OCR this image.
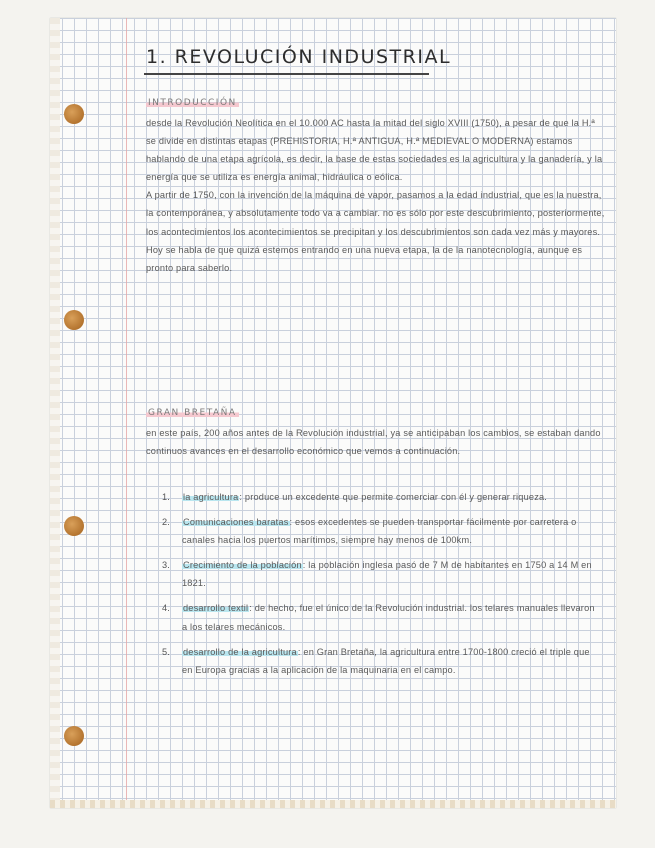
1. REVOLUCIÓN INDUSTRIAL
INTRODUCCIÓN

desde la Revolución Neolítica en el 10.000 AC hasta la mitad del siglo XVIII (1750), a pesar de que la H.ª se divide en distintas etapas (PREHISTORIA, H.ª ANTIGUA, H.ª MEDIEVAL O MODERNA) estamos hablando de una etapa agrícola, es decir, la base de estas sociedades es la agricultura y la ganadería, y la energía que se utiliza es energía animal, hidráulica o eólica.

A partir de 1750, con la invención de la máquina de vapor, pasamos a la edad industrial, que es la nuestra, la contemporánea, y absolutamente todo va a cambiar. no es sólo por este descubrimiento, posteriormente, los acontecimientos los acontecimientos se precipitan y los descubrimientos son cada vez más y mayores.

Hoy se habla de que quizá estemos entrando en una nueva etapa, la de la nanotecnología, aunque es pronto para saberlo.

GRAN BRETAÑA

en este país, 200 años antes de la Revolución industrial, ya se anticipaban los cambios, se estaban dando continuos avances en el desarrollo económico que vemos a continuación.

1. la agricultura: produce un excedente que permite comerciar con él y generar riqueza.
2. Comunicaciones baratas: esos excedentes se pueden transportar fácilmente por carretera o canales hacia los puertos marítimos, siempre hay menos de 100km.
3. Crecimiento de la población: la población inglesa pasó de 7 M de habitantes en 1750 a 14 M en 1821.
4. desarrollo textil: de hecho, fue el único de la Revolución industrial. los telares manuales llevaron a los telares mecánicos.
5. desarrollo de la agricultura: en Gran Bretaña, la agricultura entre 1700-1800 creció el triple que en Europa gracias a la aplicación de la maquinaria en el campo.
